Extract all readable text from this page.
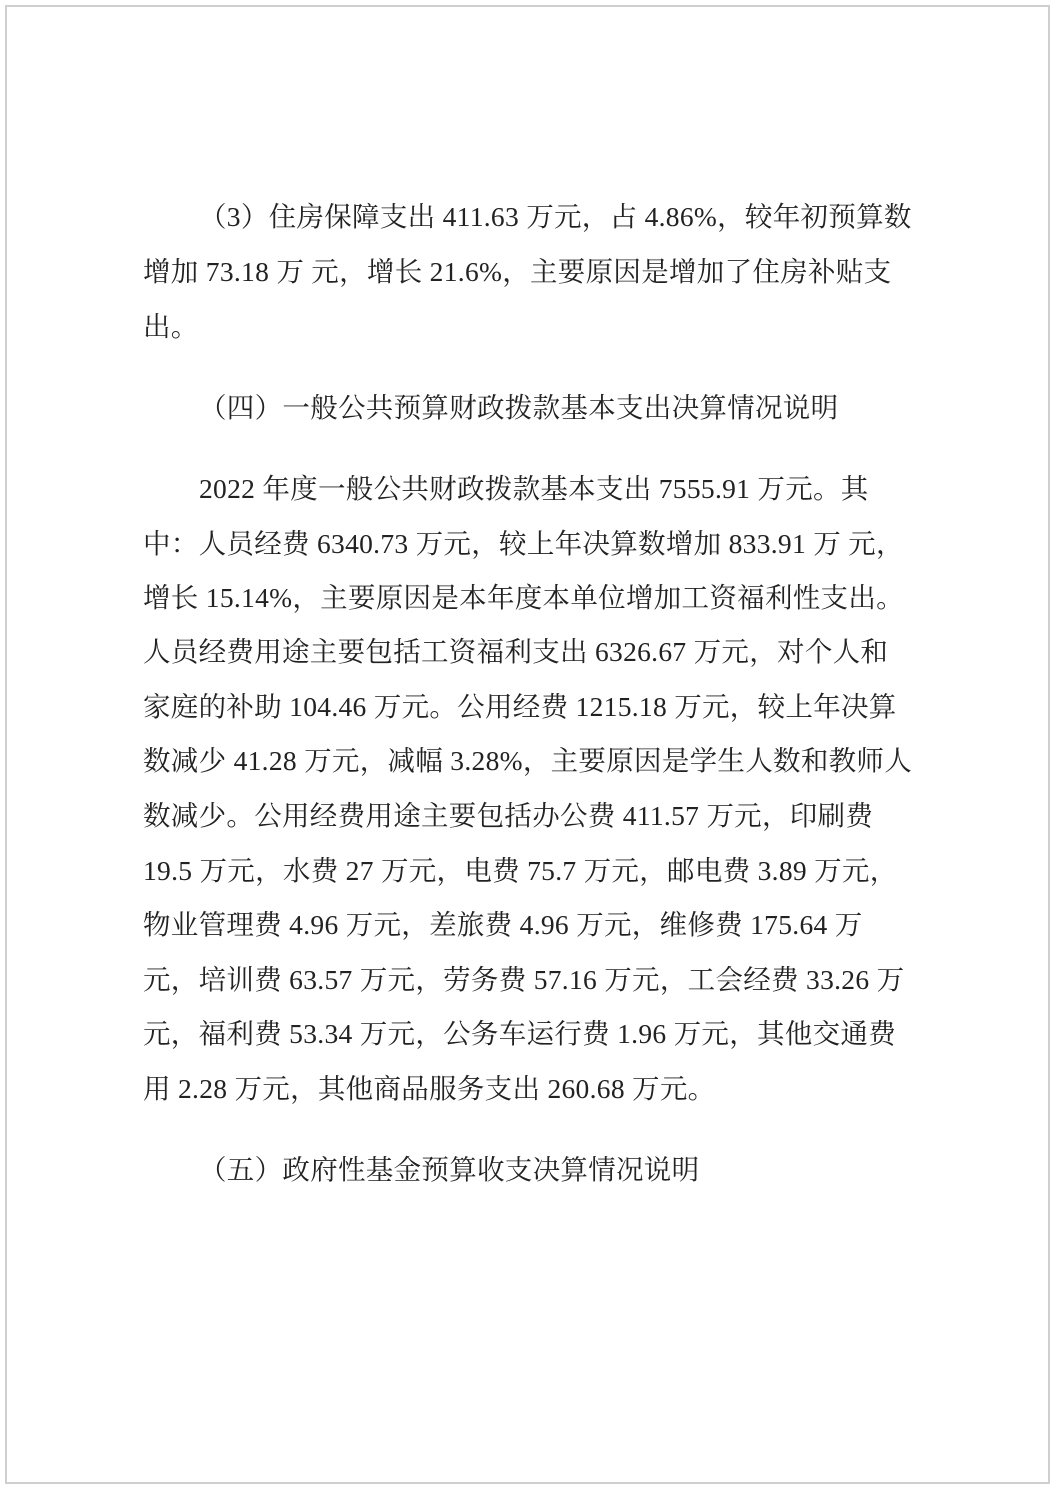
（3）住房保障支出 411.63 万元，占 4.86%，较年初预算数

增加 73.18 万 元，增长 21.6%，主要原因是增加了住房补贴支

出。

（四）一般公共预算财政拨款基本支出决算情况说明

2022 年度一般公共财政拨款基本支出 7555.91 万元。其

中：人员经费 6340.73 万元，较上年决算数增加 833.91 万 元，

增长 15.14%，主要原因是本年度本单位增加工资福利性支出。

人员经费用途主要包括工资福利支出 6326.67 万元，对个人和

家庭的补助 104.46 万元。公用经费 1215.18 万元，较上年决算

数减少 41.28 万元，减幅 3.28%，主要原因是学生人数和教师人

数减少。公用经费用途主要包括办公费 411.57 万元，印刷费

19.5 万元，水费 27 万元，电费 75.7 万元，邮电费 3.89 万元，

物业管理费 4.96 万元，差旅费 4.96 万元，维修费 175.64 万

元，培训费 63.57 万元，劳务费 57.16 万元，工会经费 33.26 万

元，福利费 53.34 万元，公务车运行费 1.96 万元，其他交通费

用 2.28 万元，其他商品服务支出 260.68 万元。

（五）政府性基金预算收支决算情况说明
